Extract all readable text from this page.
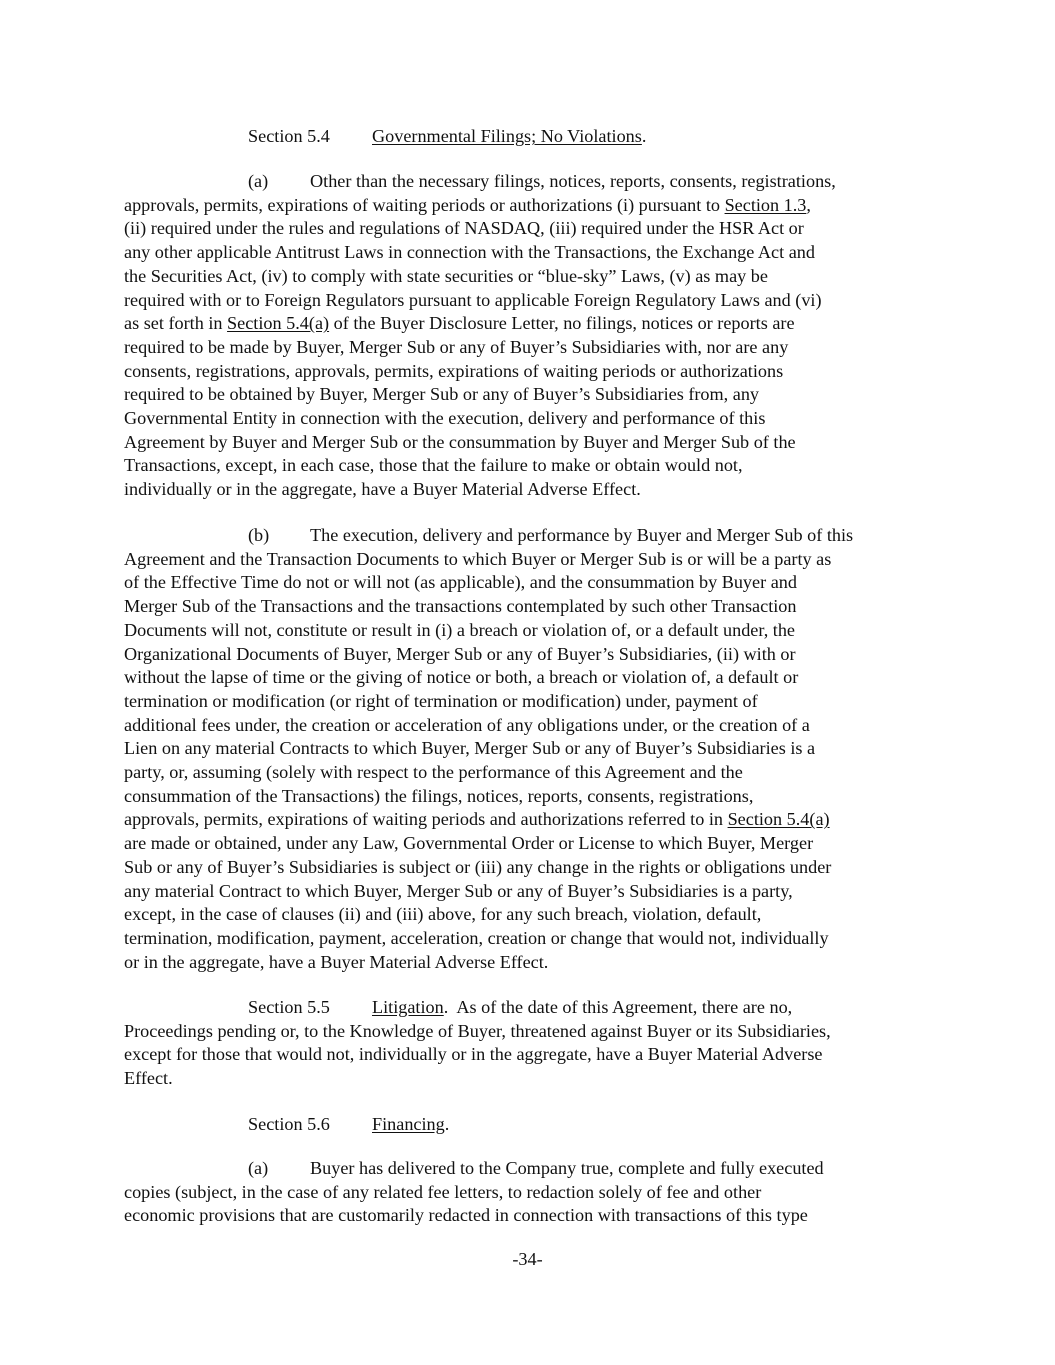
Section 5.4 Governmental Filings; No Violations.
(a) Other than the necessary filings, notices, reports, consents, registrations,
approvals, permits, expirations of waiting periods or authorizations (i) pursuant to Section 1.3,
(ii) required under the rules and regulations of NASDAQ, (iii) required under the HSR Act or
any other applicable Antitrust Laws in connection with the Transactions, the Exchange Act and
the Securities Act, (iv) to comply with state securities or “blue-sky” Laws, (v) as may be
required with or to Foreign Regulators pursuant to applicable Foreign Regulatory Laws and (vi)
as set forth in Section 5.4(a) of the Buyer Disclosure Letter, no filings, notices or reports are
required to be made by Buyer, Merger Sub or any of Buyer’s Subsidiaries with, nor are any
consents, registrations, approvals, permits, expirations of waiting periods or authorizations
required to be obtained by Buyer, Merger Sub or any of Buyer’s Subsidiaries from, any
Governmental Entity in connection with the execution, delivery and performance of this
Agreement by Buyer and Merger Sub or the consummation by Buyer and Merger Sub of the
Transactions, except, in each case, those that the failure to make or obtain would not,
individually or in the aggregate, have a Buyer Material Adverse Effect.
(b) The execution, delivery and performance by Buyer and Merger Sub of this
Agreement and the Transaction Documents to which Buyer or Merger Sub is or will be a party as
of the Effective Time do not or will not (as applicable), and the consummation by Buyer and
Merger Sub of the Transactions and the transactions contemplated by such other Transaction
Documents will not, constitute or result in (i) a breach or violation of, or a default under, the
Organizational Documents of Buyer, Merger Sub or any of Buyer’s Subsidiaries, (ii) with or
without the lapse of time or the giving of notice or both, a breach or violation of, a default or
termination or modification (or right of termination or modification) under, payment of
additional fees under, the creation or acceleration of any obligations under, or the creation of a
Lien on any material Contracts to which Buyer, Merger Sub or any of Buyer’s Subsidiaries is a
party, or, assuming (solely with respect to the performance of this Agreement and the
consummation of the Transactions) the filings, notices, reports, consents, registrations,
approvals, permits, expirations of waiting periods and authorizations referred to in Section 5.4(a)
are made or obtained, under any Law, Governmental Order or License to which Buyer, Merger
Sub or any of Buyer’s Subsidiaries is subject or (iii) any change in the rights or obligations under
any material Contract to which Buyer, Merger Sub or any of Buyer’s Subsidiaries is a party,
except, in the case of clauses (ii) and (iii) above, for any such breach, violation, default,
termination, modification, payment, acceleration, creation or change that would not, individually
or in the aggregate, have a Buyer Material Adverse Effect.
Section 5.5 Litigation.  As of the date of this Agreement, there are no,
Proceedings pending or, to the Knowledge of Buyer, threatened against Buyer or its Subsidiaries,
except for those that would not, individually or in the aggregate, have a Buyer Material Adverse
Effect.
Section 5.6 Financing.
(a) Buyer has delivered to the Company true, complete and fully executed
copies (subject, in the case of any related fee letters, to redaction solely of fee and other
economic provisions that are customarily redacted in connection with transactions of this type
-34-
